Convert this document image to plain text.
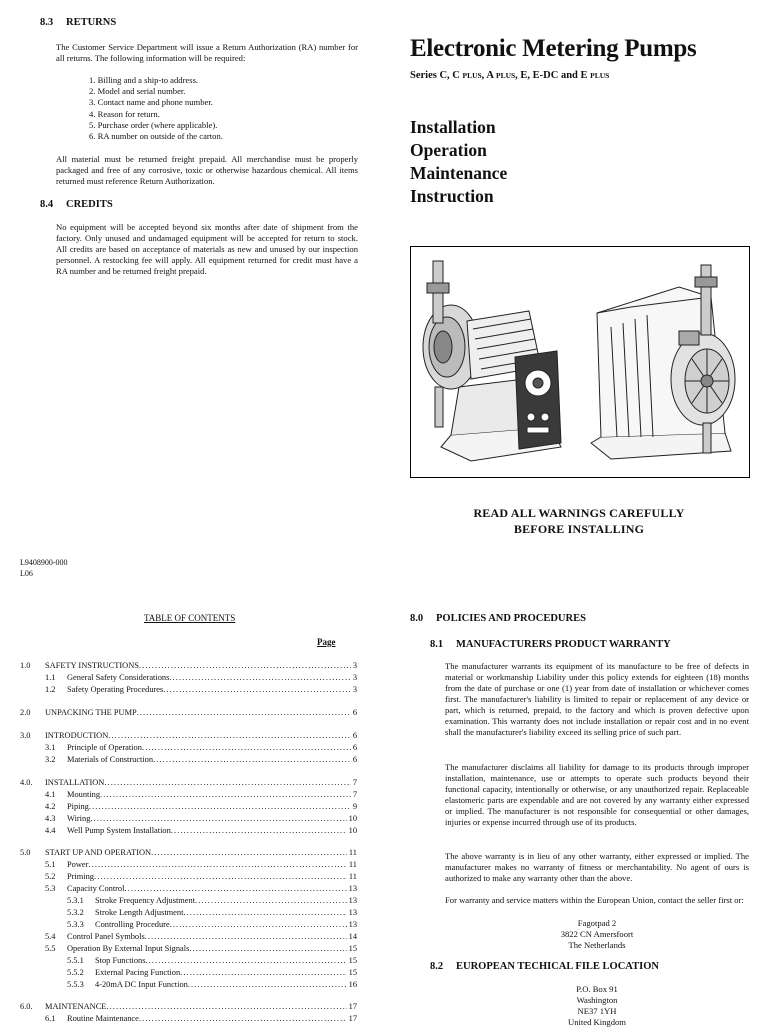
8.3 RETURNS
The Customer Service Department will issue a Return Authorization (RA) number for all returns. The following information will be required:
1. Billing and a ship-to address.
2. Model and serial number.
3. Contact name and phone number.
4. Reason for return.
5. Purchase order (where applicable).
6. RA number on outside of the carton.
All material must be returned freight prepaid. All merchandise must be properly packaged and free of any corrosive, toxic or otherwise hazardous chemical. All items returned must reference Return Authorization.
8.4 CREDITS
No equipment will be accepted beyond six months after date of shipment from the factory. Only unused and undamaged equipment will be accepted for return to stock. All credits are based on acceptance of materials as new and unused by our inspection personnel. A restocking fee will apply. All equipment returned for credit must have a RA number and be returned freight prepaid.
Electronic Metering Pumps
Series C, C PLUS, A PLUS, E, E-DC and E PLUS
Installation
Operation
Maintenance
Instruction
READ ALL WARNINGS CAREFULLY
BEFORE INSTALLING
L9408900-000
L06
TABLE OF CONTENTS
Page
1.0	SAFETY INSTRUCTIONS .....	3
1.1	General Safety Considerations .....	3
1.2	Safety Operating Procedures .....	3
2.0	UNPACKING THE PUMP .....	6
3.0	INTRODUCTION .....	6
3.1	Principle of Operation .....	6
3.2	Materials of Construction .....	6
4.0.	INSTALLATION .....	7
4.1	Mounting .....	7
4.2	Piping .....	9
4.3	Wiring .....	10
4.4	Well Pump System Installation .....	10
5.0	START UP AND OPERATION .....	11
5.1	Power .....	11
5.2	Priming .....	11
5.3	Capacity Control .....	13
5.3.1	Stroke Frequency Adjustment .....	13
5.3.2	Stroke Length Adjustment .....	13
5.3.3	Controlling Procedure .....	13
5.4	Control Panel Symbols .....	14
5.5	Operation By External Input Signals .....	15
5.5.1	Stop Functions .....	15
5.5.2	External Pacing Function .....	15
5.5.3	4-20mA DC Input Function .....	16
6.0.	MAINTENANCE .....	17
6.1	Routine Maintenance .....	17
8.0 POLICIES AND PROCEDURES
8.1 MANUFACTURERS PRODUCT WARRANTY
The manufacturer warrants its equipment of its manufacture to be free of defects in material or workmanship Liability under this policy extends for eighteen (18) months from the date of purchase or one (1) year from date of installation or whichever comes first. The manufacturer's liability is limited to repair or replacement of any device or part, which is returned, prepaid, to the factory and which is proven defective upon examination. This warranty does not include installation or repair cost and in no event shall the manufacturer's liability exceed its selling price of such part.
The manufacturer disclaims all liability for damage to its products through improper installation, maintenance, use or attempts to operate such products beyond their functional capacity, intentionally or otherwise, or any unauthorized repair. Replaceable elastomeric parts are expendable and are not covered by any warranty either expressed or implied. The manufacturer is not responsible for consequential or other damages, injuries or expense incurred through use of its products.
The above warranty is in lieu of any other warranty, either expressed or implied. The manufacturer makes no warranty of fitness or merchantability. No agent of ours is authorized to make any warranty other than the above.
For warranty and service matters within the European Union, contact the seller first or:
Fagotpad 2
3822 CN Amersfoort
The Netherlands
8.2 EUROPEAN TECHICAL FILE LOCATION
P.O. Box 91
Washington
NE37 1YH
United Kingdom
